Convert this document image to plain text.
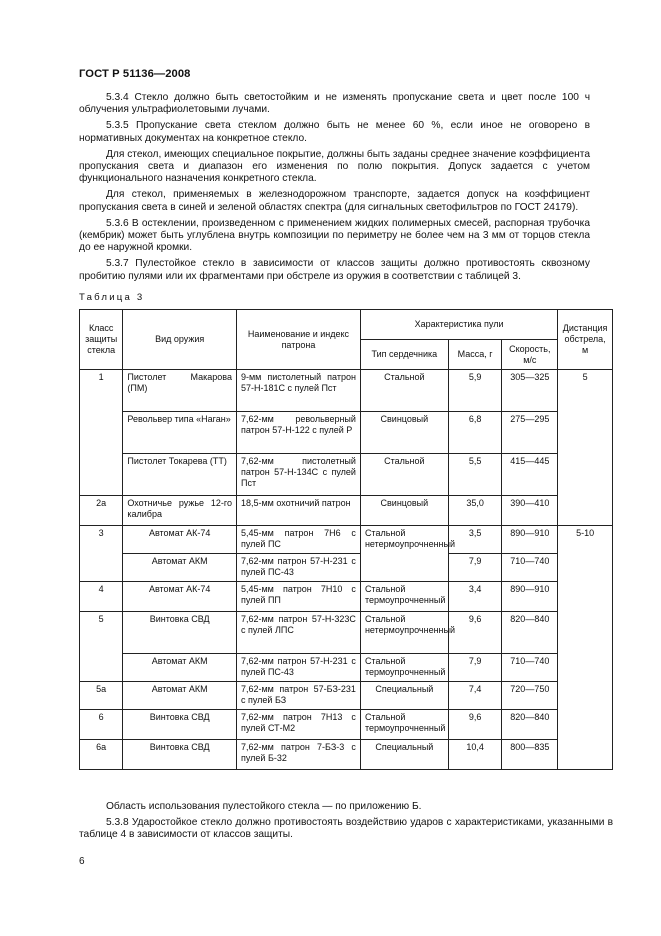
ГОСТ Р 51136—2008

5.3.4 Стекло должно быть светостойким и не изменять пропускание света и цвет после 100 ч облучения ультрафиолетовыми лучами.

5.3.5 Пропускание света стеклом должно быть не менее 60 %, если иное не оговорено в нормативных документах на конкретное стекло.

Для стекол, имеющих специальное покрытие, должны быть заданы среднее значение коэффициента пропускания света и диапазон его изменения по полю покрытия. Допуск задается с учетом функционального назначения конкретного стекла.

Для стекол, применяемых в железнодорожном транспорте, задается допуск на коэффициент пропускания света в синей и зеленой областях спектра (для сигнальных светофильтров по ГОСТ 24179).

5.3.6 В остеклении, произведенном с применением жидких полимерных смесей, распорная трубочка (кембрик) может быть углублена внутрь композиции по периметру не более чем на 3 мм от торцов стекла до ее наружной кромки.

5.3.7 Пулестойкое стекло в зависимости от классов защиты должно противостоять сквозному пробитию пулями или их фрагментами при обстреле из оружия в соответствии с таблицей 3.

Таблица 3
Класс защиты стекла	Вид оружия	Наименование и индекс патрона	Характеристика пули			Дистанция обстрела, м
			Тип сердечника	Масса, г	Скорость, м/с	
1	Пистолет Макарова (ПМ)	9-мм пистолетный патрон 57-Н-181С с пулей Пст	Стальной	5,9	305—325	5
	Револьвер типа «Наган»	7,62-мм револьверный патрон 57-Н-122 с пулей Р	Свинцовый	6,8	275—295	
	Пистолет Токарева (ТТ)	7,62-мм пистолетный патрон 57-Н-134С с пулей Пст	Стальной	5,5	415—445	
2а	Охотничье ружье 12-го калибра	18,5-мм охотничий патрон	Свинцовый	35,0	390—410	
3	Автомат АК-74	5,45-мм патрон 7Н6 с пулей ПС	Стальной нетермоупрочненный	3,5	890—910	5-10
	Автомат АКМ	7,62-мм патрон 57-Н-231 с пулей ПС-43		7,9	710—740	
4	Автомат АК-74	5,45-мм патрон 7Н10 с пулей ПП	Стальной термоупрочненный	3,4	890—910	
5	Винтовка СВД	7,62-мм патрон 57-Н-323С с пулей ЛПС	Стальной нетермоупрочненный	9,6	820—840	
	Автомат АКМ	7,62-мм патрон 57-Н-231 с пулей ПС-43	Стальной термоупрочненный	7,9	710—740	
5а	Автомат АКМ	7,62-мм патрон 57-БЗ-231 с пулей БЗ	Специальный	7,4	720—750	
6	Винтовка СВД	7,62-мм патрон 7Н13 с пулей СТ-М2	Стальной термоупрочненный	9,6	820—840	
6а	Винтовка СВД	7,62-мм патрон 7-БЗ-3 с пулей Б-32	Специальный	10,4	800—835	

Область использования пулестойкого стекла — по приложению Б.

5.3.8 Ударостойкое стекло должно противостоять воздействию ударов с характеристиками, указанными в таблице 4 в зависимости от классов защиты.

6
